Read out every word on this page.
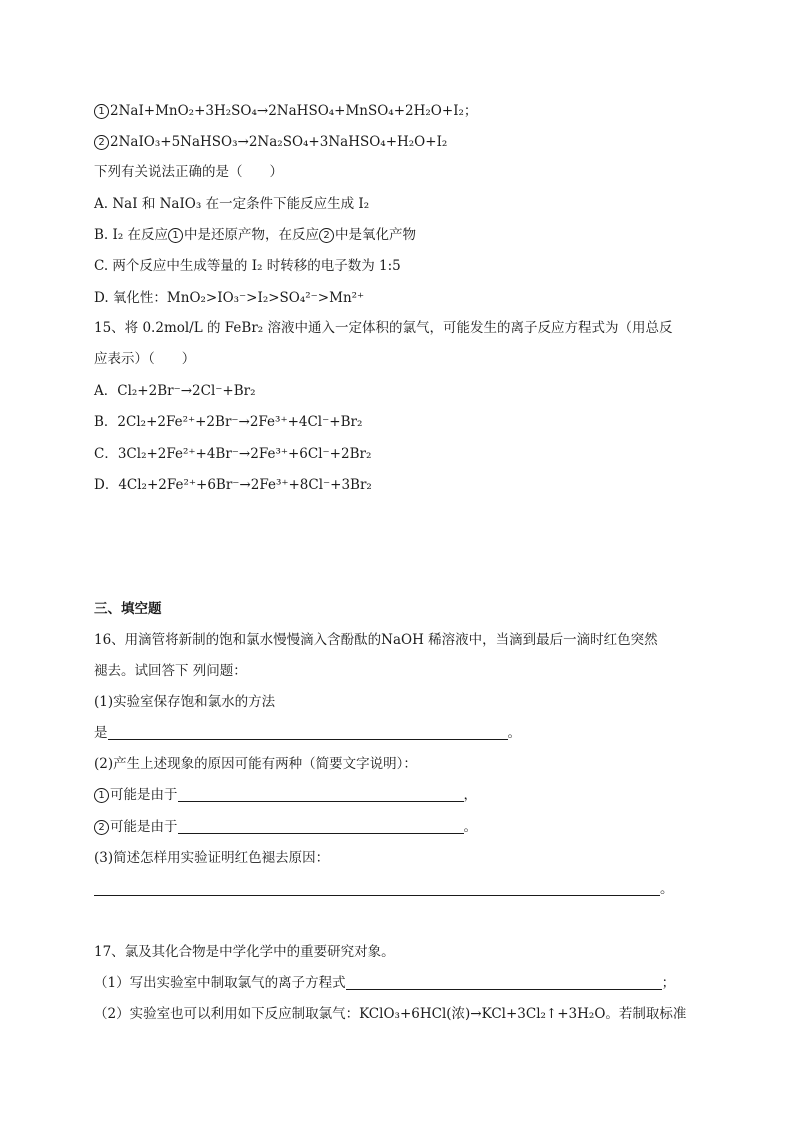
1 2NaI+MnO₂+3H₂SO₄→2NaHSO₄+MnSO₄+2H₂O+I₂；
2 2NaIO₃+5NaHSO₃→2Na₂SO₄+3NaHSO₄+H₂O+I₂
下列有关说法正确的是（　　）
A. NaI 和 NaIO₃ 在一定条件下能反应生成 I₂
B. I₂ 在反应 1 中是还原产物，在反应 2 中是氧化产物
C. 两个反应中生成等量的 I₂ 时转移的电子数为 1:5
D. 氧化性：MnO₂>IO₃⁻>I₂>SO₄²⁻>Mn²⁺
15、将 0.2mol/L 的 FeBr₂ 溶液中通入一定体积的氯气，可能发生的离子反应方程式为（用总反
应表示）（　　）
A．Cl₂+2Br⁻→2Cl⁻+Br₂
B．2Cl₂+2Fe²⁺+2Br⁻→2Fe³⁺+4Cl⁻+Br₂
C．3Cl₂+2Fe²⁺+4Br⁻→2Fe³⁺+6Cl⁻+2Br₂
D．4Cl₂+2Fe²⁺+6Br⁻→2Fe³⁺+8Cl⁻+3Br₂
三、填空题
16、用滴管将新制的饱和氯水慢慢滴入含酚酞的NaOH 稀溶液中，当滴到最后一滴时红色突然
褪去。试回答下 列问题：
(1)实验室保存饱和氯水的方法
是	。
(2)产生上述现象的原因可能有两种（简要文字说明）：
1 可能是由于	，
2 可能是由于	。
(3)简述怎样用实验证明红色褪去原因：
。
17、氯及其化合物是中学化学中的重要研究对象。
（1）写出实验室中制取氯气的离子方程式	；
（2）实验室也可以利用如下反应制取氯气：KClO₃+6HCl(浓)→KCl+3Cl₂↑+3H₂O。若制取标准
